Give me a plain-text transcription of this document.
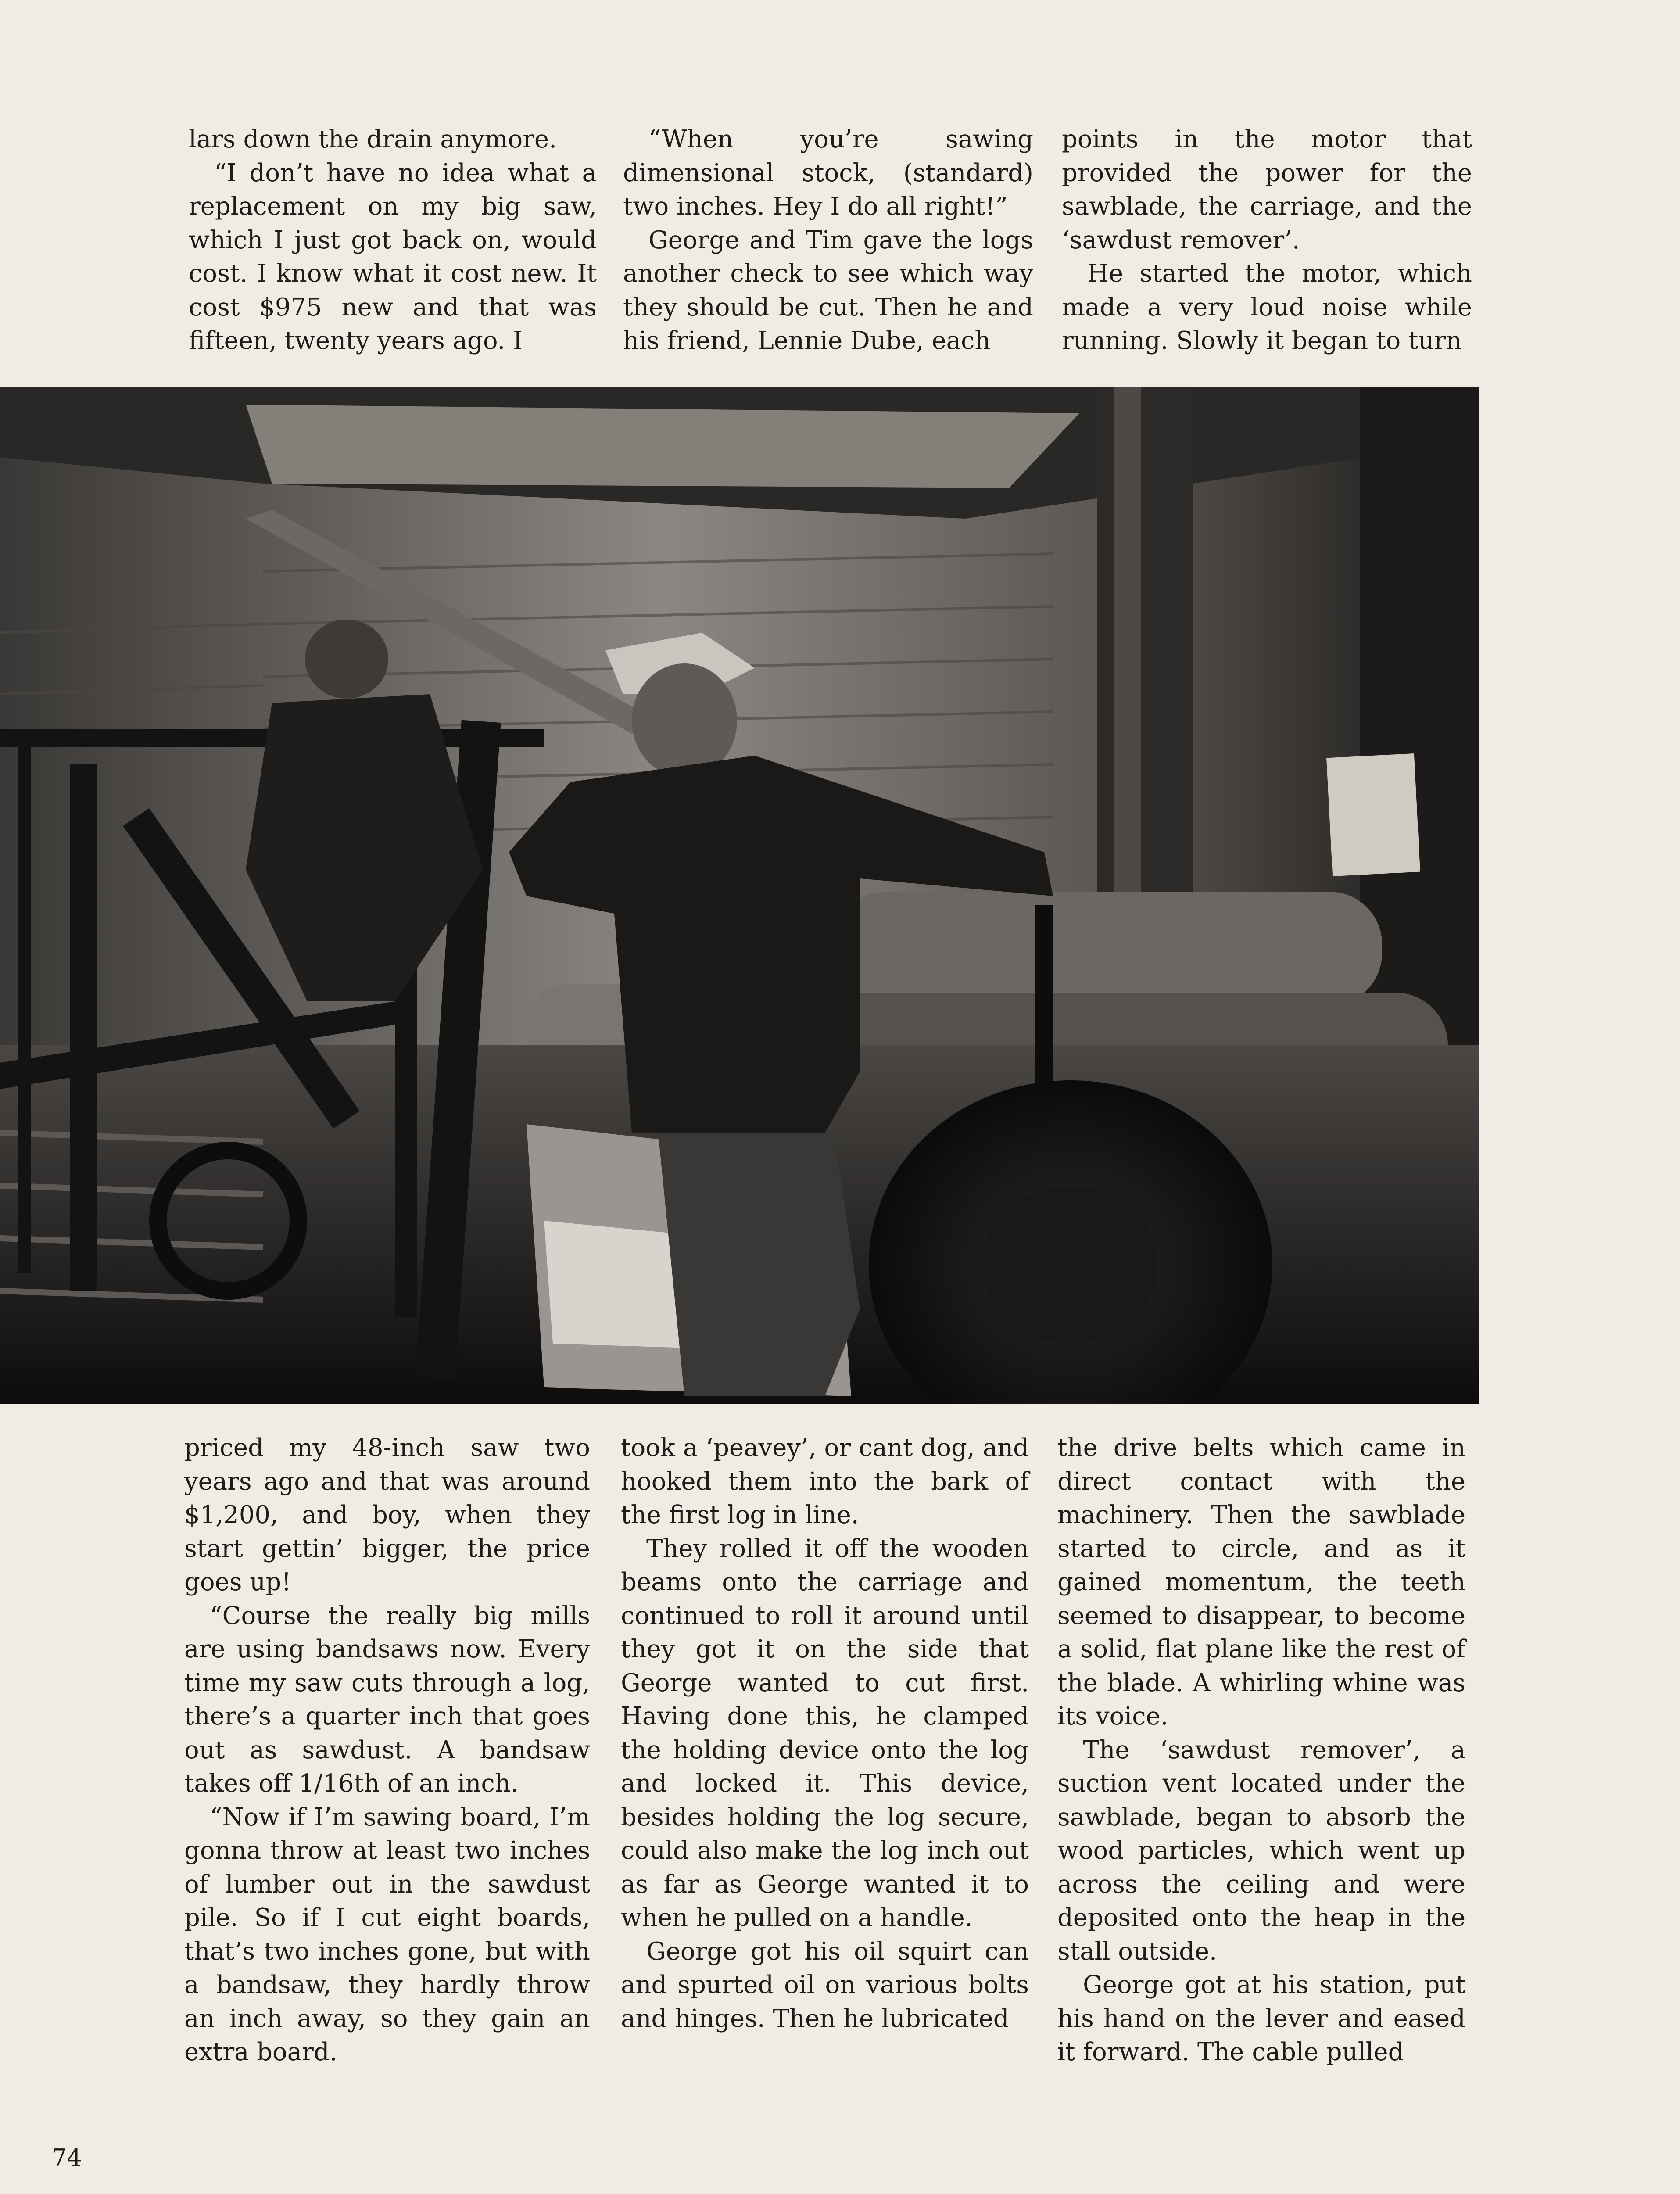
lars down the drain anymore.

“I don’t have no idea what a replacement on my big saw, which I just got back on, would cost. I know what it cost new. It cost $975 new and that was fifteen, twenty years ago. I

“When you’re sawing dimensional stock, (standard) two inches. Hey I do all right!”

George and Tim gave the logs another check to see which way they should be cut. Then he and his friend, Lennie Dube, each

points in the motor that provided the power for the sawblade, the carriage, and the ‘sawdust remover’.

He started the motor, which made a very loud noise while running. Slowly it began to turn

priced my 48-inch saw two years ago and that was around $1,200, and boy, when they start gettin’ bigger, the price goes up!

“Course the really big mills are using bandsaws now. Every time my saw cuts through a log, there’s a quarter inch that goes out as sawdust. A bandsaw takes off 1/16th of an inch.

“Now if I’m sawing board, I’m gonna throw at least two inches of lumber out in the sawdust pile. So if I cut eight boards, that’s two inches gone, but with a bandsaw, they hardly throw an inch away, so they gain an extra board.

took a ‘peavey’, or cant dog, and hooked them into the bark of the first log in line.

They rolled it off the wooden beams onto the carriage and continued to roll it around until they got it on the side that George wanted to cut first. Having done this, he clamped the holding device onto the log and locked it. This device, besides holding the log secure, could also make the log inch out as far as George wanted it to when he pulled on a handle.

George got his oil squirt can and spurted oil on various bolts and hinges. Then he lubricated

the drive belts which came in direct contact with the machinery. Then the sawblade started to circle, and as it gained momentum, the teeth seemed to disappear, to become a solid, flat plane like the rest of the blade. A whirling whine was its voice.

The ‘sawdust remover’, a suction vent located under the sawblade, began to absorb the wood particles, which went up across the ceiling and were deposited onto the heap in the stall outside.

George got at his station, put his hand on the lever and eased it forward. The cable pulled

74
